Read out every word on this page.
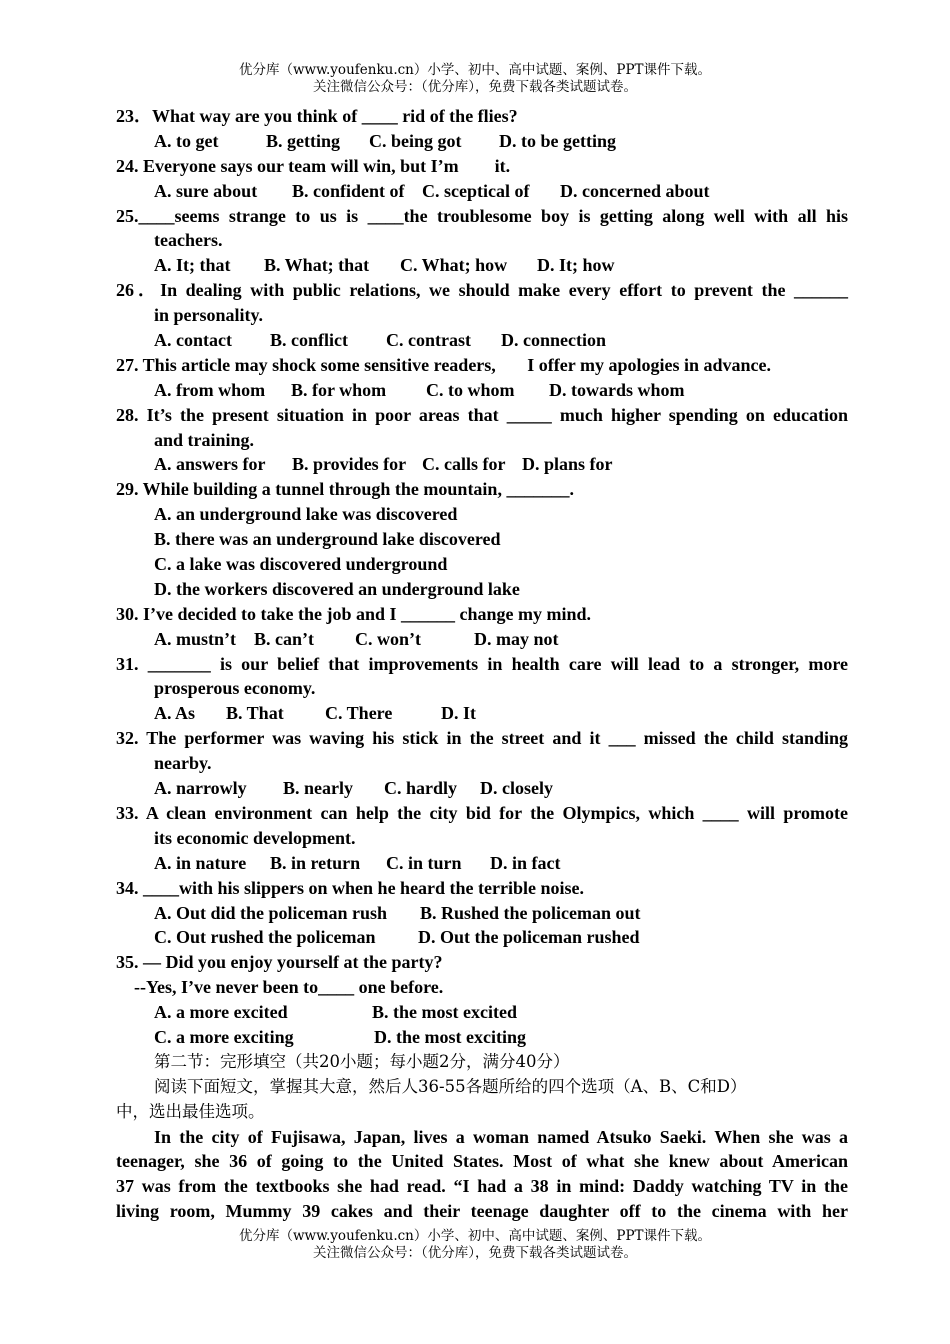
优分库（www.youfenku.cn）小学、初中、高中试题、案例、PPT课件下载。
关注微信公众号：（优分库），免费下载各类试题试卷。
23．What way are you think of ____ rid of the flies?
A. to get	B. getting C. being got D. to be getting
24. Everyone says our team will win, but I’m        it.
A. sure about B. confident of C. sceptical of D. concerned about
25.____seems strange to us is ____the troublesome boy is getting along well with all his
teachers.
A. It; that B. What; that C. What; how D. It; how
26．In dealing with public relations, we should make every effort to prevent the ______
in personality.
A. contact B. conflict C. contrast D. connection
27. This article may shock some sensitive readers,       I offer my apologies in advance.
A. from whom B. for whom C. to whom D. towards whom
28. It’s the present situation in poor areas that _____ much higher spending on education
and training.
A. answers for B. provides for C. calls for D. plans for
29. While building a tunnel through the mountain, _______.
A. an underground lake was discovered
B. there was an underground lake discovered
C. a lake was discovered underground
D. the workers discovered an underground lake
30. I’ve decided to take the job and I ______ change my mind.
A. mustn’t B. can’t C. won’t	D. may not
31. _______ is our belief that improvements in health care will lead to a stronger, more
prosperous economy.
A. As B. That C. There	D. It
32. The performer was waving his stick in the street and it ___ missed the child standing
nearby.
A. narrowly B. nearly C. hardly D. closely
33. A clean environment can help the city bid for the Olympics, which ____ will promote
its economic development.
A. in nature B. in return C. in turn D. in fact
34. ____with his slippers on when he heard the terrible noise.
A. Out did the policeman rush B. Rushed the policeman out
C. Out rushed the policeman D. Out the policeman rushed
35. — Did you enjoy yourself at the party?
--Yes, I’ve never been to____ one before.
A. a more excited	B. the most excited
C. a more exciting	D. the most exciting
第二节：完形填空（共20小题；每小题2分，满分40分）
阅读下面短文，掌握其大意，然后人36-55各题所给的四个选项（A、B、C和D）
中，选出最佳选项。
In the city of Fujisawa, Japan, lives a woman named Atsuko Saeki. When she was a
teenager, she 36 of going to the United States. Most of what she knew about American
37 was from the textbooks she had read. “I had a 38 in mind: Daddy watching TV in the
living room, Mummy 39 cakes and their teenage daughter off to the cinema with her
优分库（www.youfenku.cn）小学、初中、高中试题、案例、PPT课件下载。
关注微信公众号：（优分库），免费下载各类试题试卷。
